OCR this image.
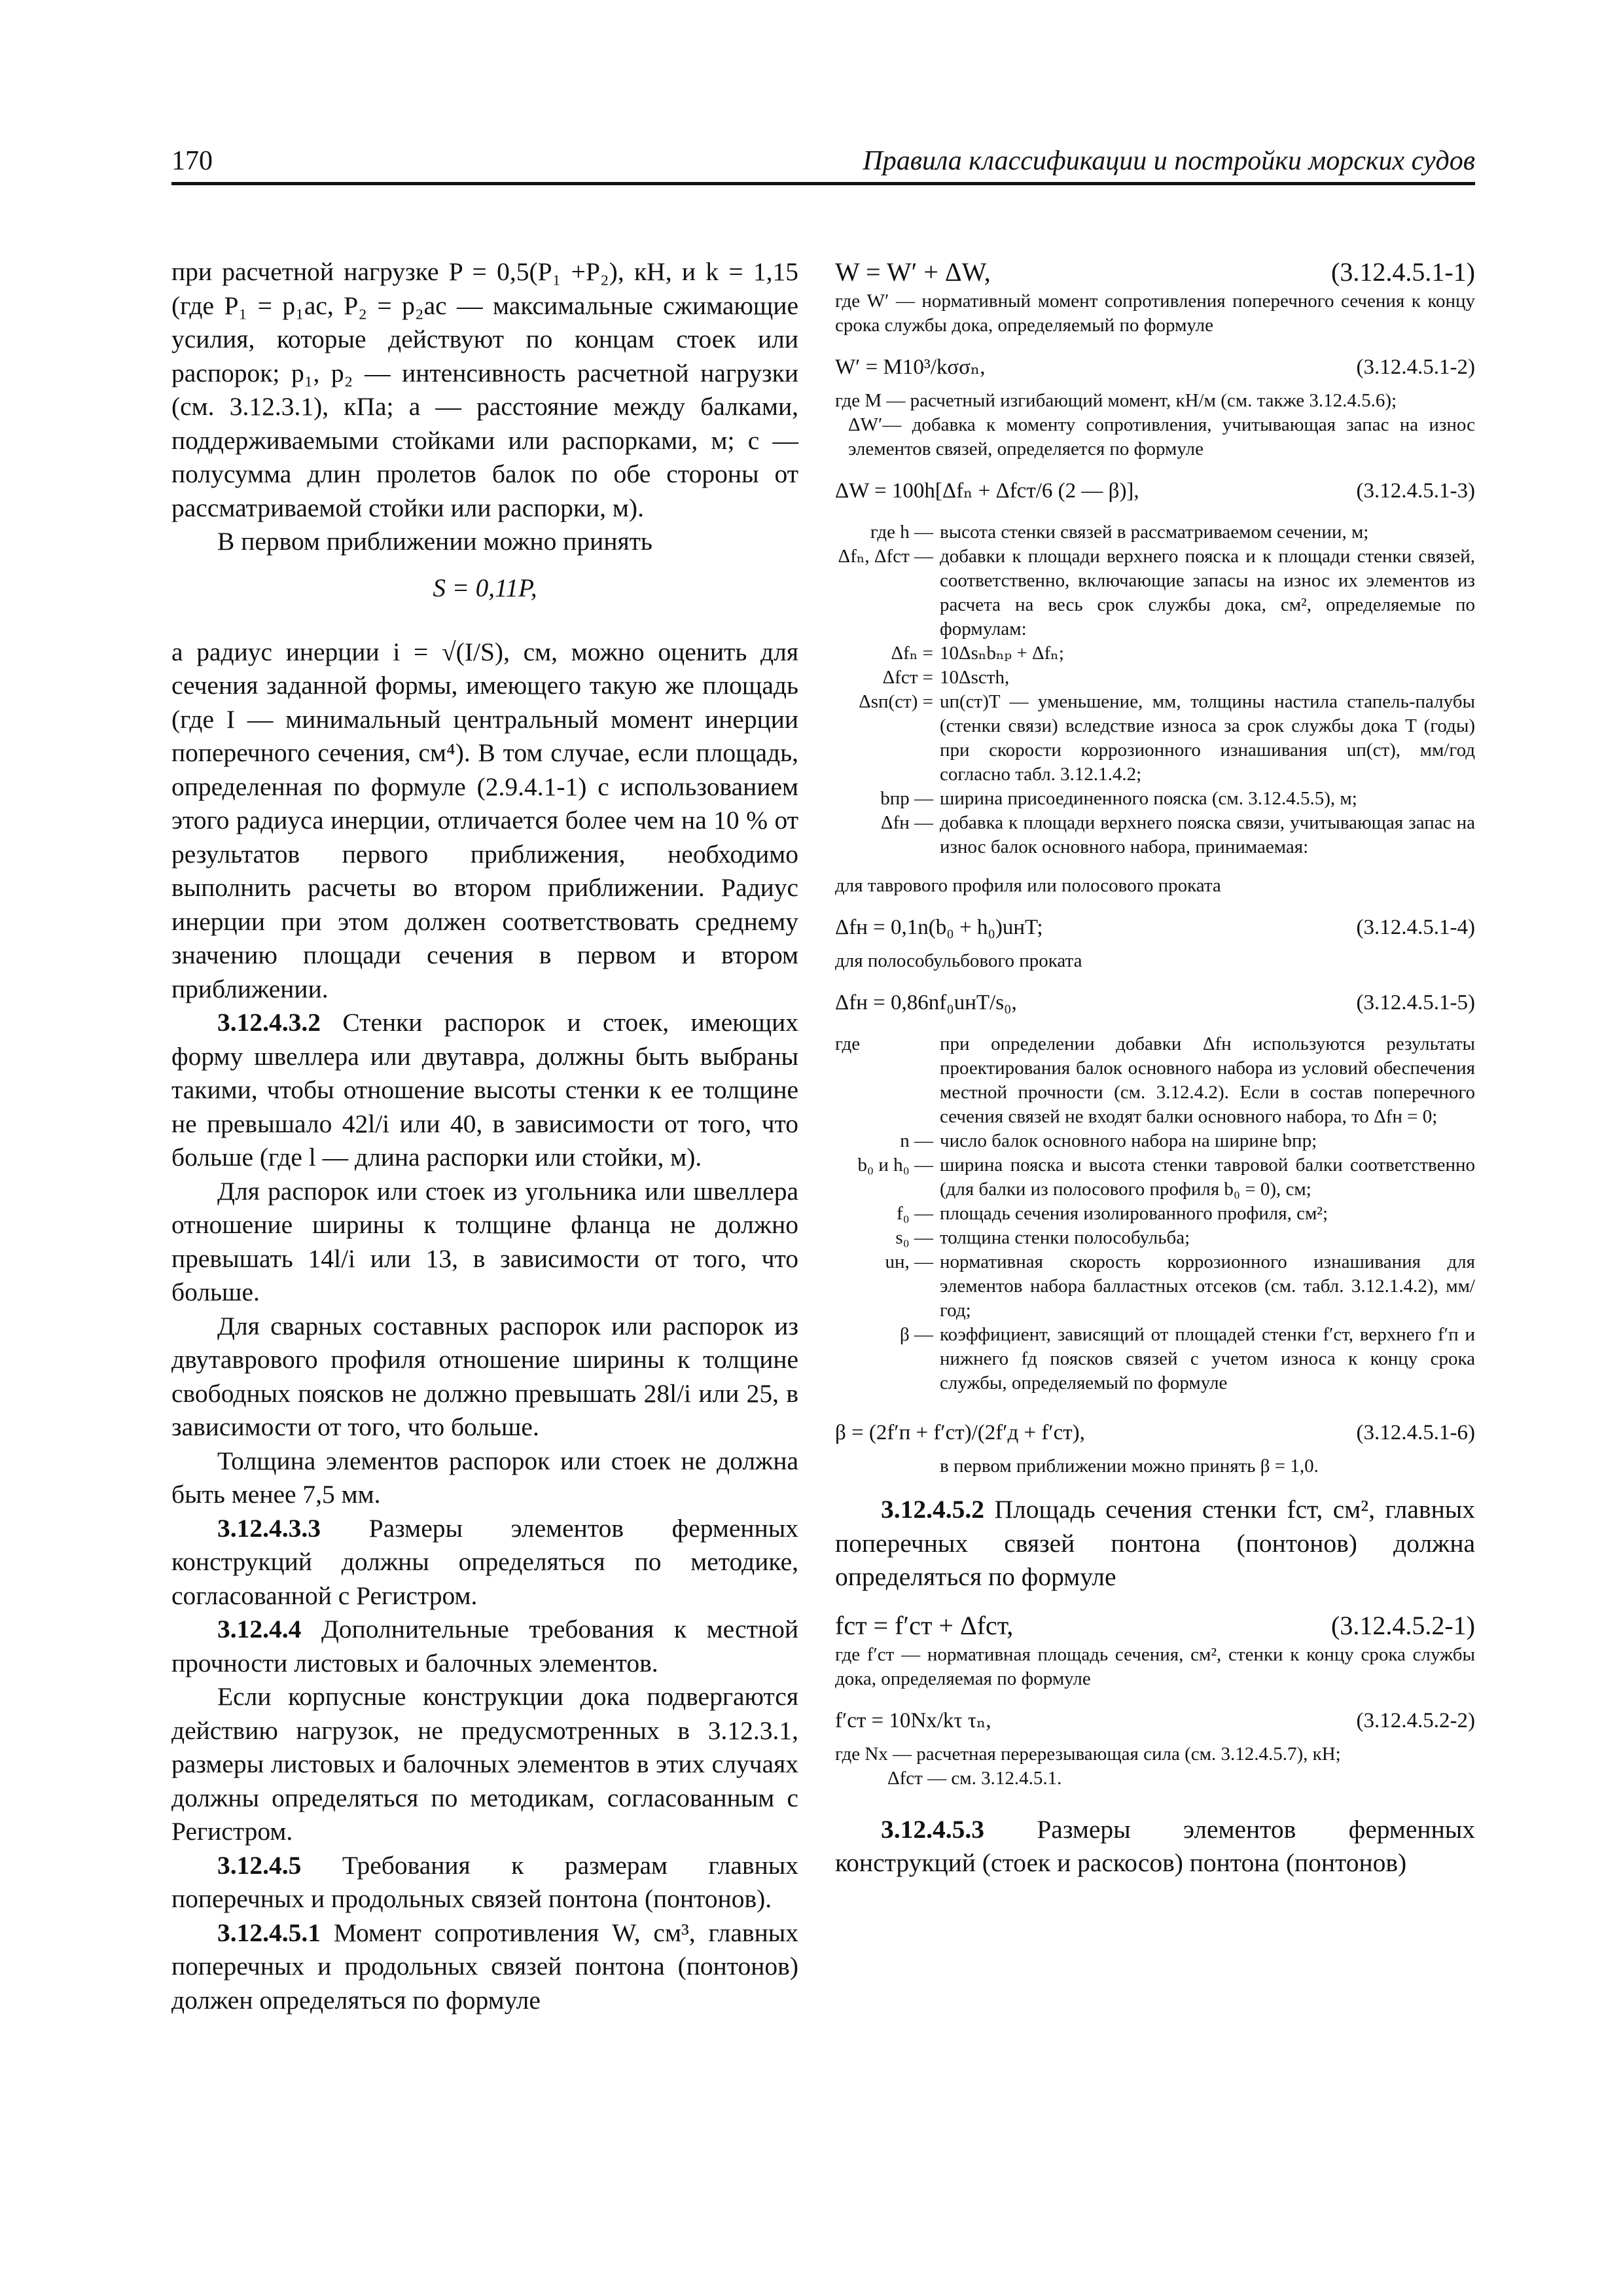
170	Правила классификации и постройки морских судов

при расчетной нагрузке P = 0,5(P₁ +P₂), кН, и k = 1,15 (где P₁ = p₁ac, P₂ = p₂ac — максимальные сжимающие усилия, которые действуют по концам стоек или распорок; p₁, p₂ — интенсивность расчетной нагрузки (см. 3.12.3.1), кПа; a — расстояние между балками, поддерживаемыми стойками или распорками, м; c — полусумма длин пролетов балок по обе стороны от рассматриваемой стойки или распорки, м).

В первом приближении можно принять

S = 0,11P,

а радиус инерции i = √(I/S), см, можно оценить для сечения заданной формы, имеющего такую же площадь (где I — минимальный центральный момент инерции поперечного сечения, см⁴). В том случае, если площадь, определенная по формуле (2.9.4.1-1) с использованием этого радиуса инерции, отличается более чем на 10 % от результатов первого приближения, необходимо выполнить расчеты во втором приближении. Радиус инерции при этом должен соответствовать среднему значению площади сечения в первом и втором приближении.

3.12.4.3.2 Стенки распорок и стоек, имеющих форму швеллера или двутавра, должны быть выбраны такими, чтобы отношение высоты стенки к ее толщине не превышало 42l/i или 40, в зависимости от того, что больше (где l — длина распорки или стойки, м).

Для распорок или стоек из угольника или швеллера отношение ширины к толщине фланца не должно превышать 14l/i или 13, в зависимости от того, что больше.

Для сварных составных распорок или распорок из двутаврового профиля отношение ширины к толщине свободных поясков не должно превышать 28l/i или 25, в зависимости от того, что больше.

Толщина элементов распорок или стоек не должна быть менее 7,5 мм.

3.12.4.3.3 Размеры элементов ферменных конструкций должны определяться по методике, согласованной с Регистром.

3.12.4.4 Дополнительные требования к местной прочности листовых и балочных элементов.

Если корпусные конструкции дока подвергаются действию нагрузок, не предусмотренных в 3.12.3.1, размеры листовых и балочных элементов в этих случаях должны определяться по методикам, согласованным с Регистром.

3.12.4.5 Требования к размерам главных поперечных и продольных связей понтона (понтонов).

3.12.4.5.1 Момент сопротивления W, см³, главных поперечных и продольных связей понтона (понтонов) должен определяться по формуле

W = W′ + ΔW,	(3.12.4.5.1-1)

где W′ — нормативный момент сопротивления поперечного сечения к концу срока службы дока, определяемый по формуле

W′ = M10³/kσσₙ,	(3.12.4.5.1-2)

где M — расчетный изгибающий момент, кН/м (см. также 3.12.4.5.6);

ΔW′— добавка к моменту сопротивления, учитывающая запас на износ элементов связей, определяется по формуле

ΔW = 100h[Δfₙ + Δfст/6 (2 — β)],	(3.12.4.5.1-3)

где h — высота стенки связей в рассматриваемом сечении, м;
Δfₙ, Δfст — добавки к площади верхнего пояска и к площади стенки связей, соответственно, включающие запасы на износ их элементов из расчета на весь срок службы дока, см², определяемые по формулам:
Δfₙ = 10Δsₙbₙₚ + Δfₙ;
Δfст = 10Δsстh,
Δsп(ст) = uп(ст)T — уменьшение, мм, толщины настила стапель-палубы (стенки связи) вследствие износа за срок службы дока T (годы) при скорости коррозионного изнашивания uп(ст), мм/год согласно табл. 3.12.1.4.2;
bпр — ширина присоединенного пояска (см. 3.12.4.5.5), м;
Δfн — добавка к площади верхнего пояска связи, учитывающая запас на износ балок основного набора, принимаемая:

для таврового профиля или полосового проката

Δfн = 0,1n(b₀ + h₀)uнT;	(3.12.4.5.1-4)

для полособульбового проката

Δfн = 0,86nf₀uнT/s₀,	(3.12.4.5.1-5)

где	при определении добавки Δfн используются результаты проектирования балок основного набора из условий обеспечения местной прочности (см. 3.12.4.2). Если в состав поперечного сечения связей не входят балки основного набора, то Δfн = 0;
n — число балок основного набора на ширине bпр;
b₀ и h₀ — ширина пояска и высота стенки тавровой балки соответственно (для балки из полосового профиля b₀ = 0), см;
f₀ — площадь сечения изолированного профиля, см²;
s₀ — толщина стенки полособульба;
uн, — нормативная скорость коррозионного изнашивания для элементов набора балластных отсеков (см. табл. 3.12.1.4.2), мм/год;
β — коэффициент, зависящий от площадей стенки f′ст, верхнего f′п и нижнего fд поясков связей с учетом износа к концу срока службы, определяемый по формуле

β = (2f′п + f′ст)/(2f′д + f′ст),	(3.12.4.5.1-6)

в первом приближении можно принять β = 1,0.

3.12.4.5.2 Площадь сечения стенки fст, см², главных поперечных связей понтона (понтонов) должна определяться по формуле

fст = f′ст + Δfст,	(3.12.4.5.2-1)

где f′ст — нормативная площадь сечения, см², стенки к концу срока службы дока, определяемая по формуле

f′ст = 10Nх/kτ τₙ,	(3.12.4.5.2-2)

где Nх — расчетная перерезывающая сила (см. 3.12.4.5.7), кН;

Δfст — см. 3.12.4.5.1.

3.12.4.5.3 Размеры элементов ферменных конструкций (стоек и раскосов) понтона (понтонов)
